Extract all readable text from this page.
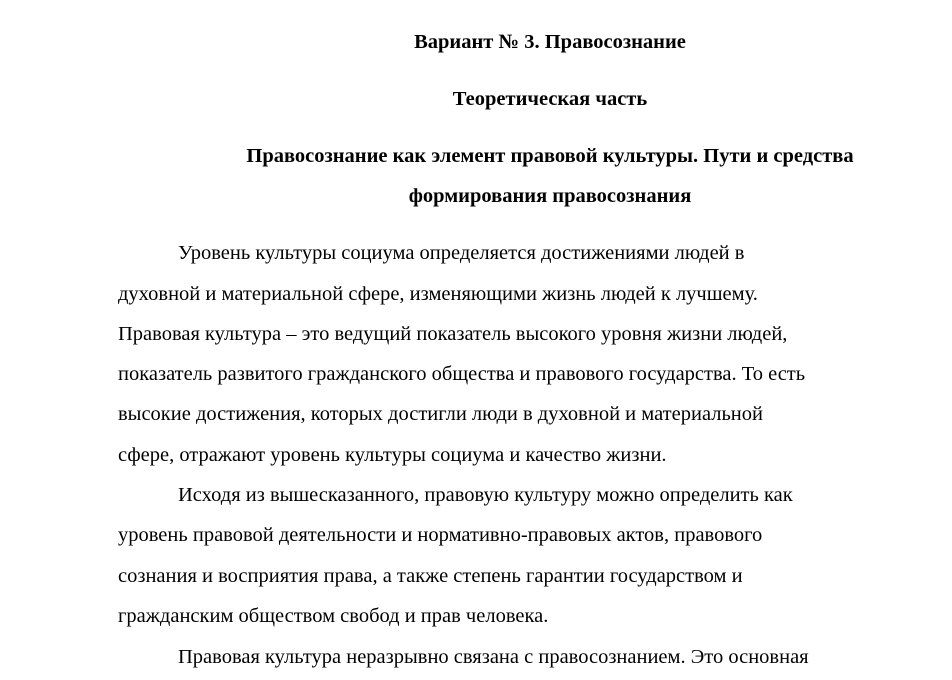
Вариант № 3. Правосознание
Теоретическая часть
Правосознание как элемент правовой культуры. Пути и средства
формирования правосознания
Уровень культуры социума определяется достижениями людей в
духовной и материальной сфере, изменяющими жизнь людей к лучшему.
Правовая культура – это ведущий показатель высокого уровня жизни людей,
показатель развитого гражданского общества и правового государства. То есть
высокие достижения, которых достигли люди в духовной и материальной
сфере, отражают уровень культуры социума и качество жизни.
Исходя из вышесказанного, правовую культуру можно определить как
уровень правовой деятельности и нормативно-правовых актов, правового
сознания и восприятия права, а также степень гарантии государством и
гражданским обществом свобод и прав человека.
Правовая культура неразрывно связана с правосознанием. Это основная
